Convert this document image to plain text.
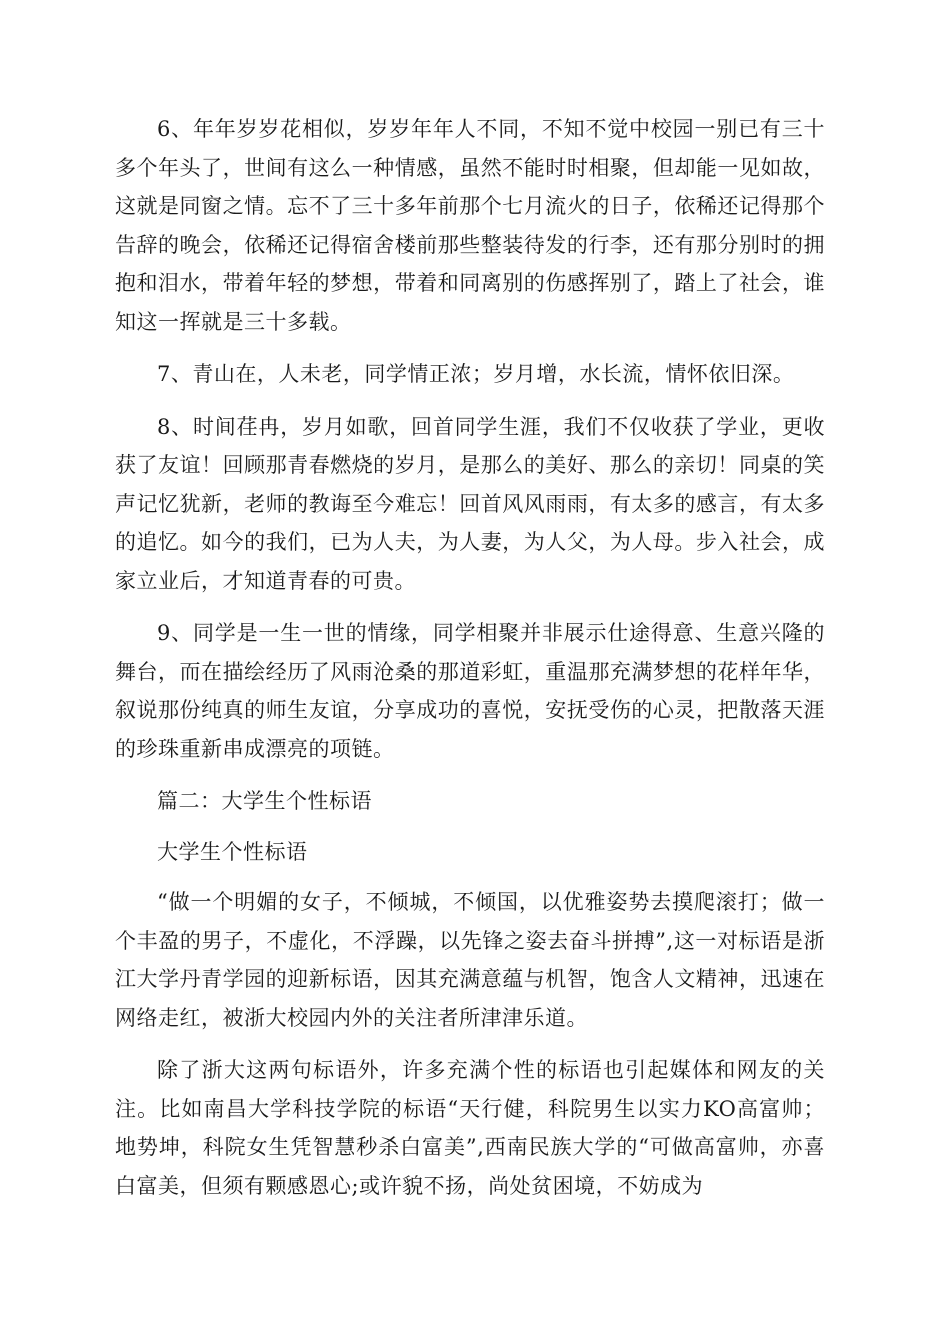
6、年年岁岁花相似，岁岁年年人不同，不知不觉中校园一别已有三十多个年头了，世间有这么一种情感，虽然不能时时相聚，但却能一见如故，这就是同窗之情。忘不了三十多年前那个七月流火的日子，依稀还记得那个告辞的晚会，依稀还记得宿舍楼前那些整装待发的行李，还有那分别时的拥抱和泪水，带着年轻的梦想，带着和同离别的伤感挥别了，踏上了社会，谁知这一挥就是三十多载。

7、青山在，人未老，同学情正浓；岁月增，水长流，情怀依旧深。

8、时间荏冉，岁月如歌，回首同学生涯，我们不仅收获了学业，更收获了友谊！回顾那青春燃烧的岁月，是那么的美好、那么的亲切！同桌的笑声记忆犹新，老师的教诲至今难忘！回首风风雨雨，有太多的感言，有太多的追忆。如今的我们，已为人夫，为人妻，为人父，为人母。步入社会，成家立业后，才知道青春的可贵。

9、同学是一生一世的情缘，同学相聚并非展示仕途得意、生意兴隆的舞台，而在描绘经历了风雨沧桑的那道彩虹，重温那充满梦想的花样年华，叙说那份纯真的师生友谊，分享成功的喜悦，安抚受伤的心灵，把散落天涯的珍珠重新串成漂亮的项链。

篇二：大学生个性标语

大学生个性标语

“做一个明媚的女子，不倾城，不倾国，以优雅姿势去摸爬滚打；做一个丰盈的男子，不虚化，不浮躁，以先锋之姿去奋斗拼搏”,这一对标语是浙江大学丹青学园的迎新标语，因其充满意蕴与机智，饱含人文精神，迅速在网络走红，被浙大校园内外的关注者所津津乐道。

除了浙大这两句标语外，许多充满个性的标语也引起媒体和网友的关注。比如南昌大学科技学院的标语“天行健，科院男生以实力KO高富帅；地势坤，科院女生凭智慧秒杀白富美”,西南民族大学的“可做高富帅，亦喜白富美，但须有颗感恩心;或许貌不扬，尚处贫困境，不妨成为
